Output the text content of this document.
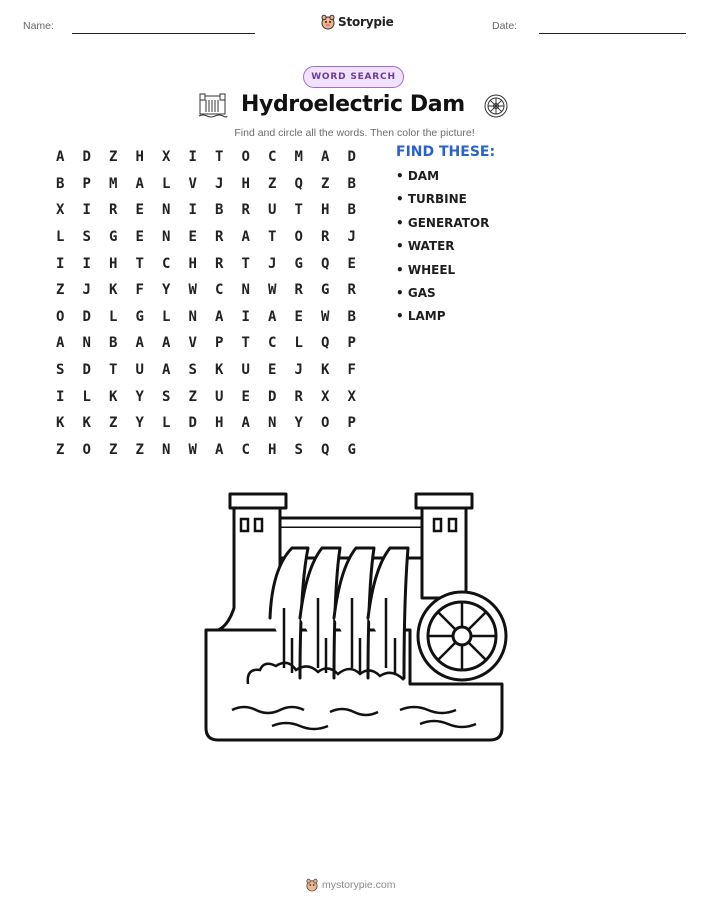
Name:	Storypie	Date:
WORD SEARCH
Hydroelectric Dam
Find and circle all the words. Then color the picture!
A	D	Z	H	X	I	T	O	C	M	A	D
B	P	M	A	L	V	J	H	Z	Q	Z	B
X	I	R	E	N	I	B	R	U	T	H	B
L	S	G	E	N	E	R	A	T	O	R	J
I	I	H	T	C	H	R	T	J	G	Q	E
Z	J	K	F	Y	W	C	N	W	R	G	R
O	D	L	G	L	N	A	I	A	E	W	B
A	N	B	A	A	V	P	T	C	L	Q	P
S	D	T	U	A	S	K	U	E	J	K	F
I	L	K	Y	S	Z	U	E	D	R	X	X
K	K	Z	Y	L	D	H	A	N	Y	O	P
Z	O	Z	Z	N	W	A	C	H	S	Q	G
FIND THESE:
• DAM
• TURBINE
• GENERATOR
• WATER
• WHEEL
• GAS
• LAMP
mystorypie.com
